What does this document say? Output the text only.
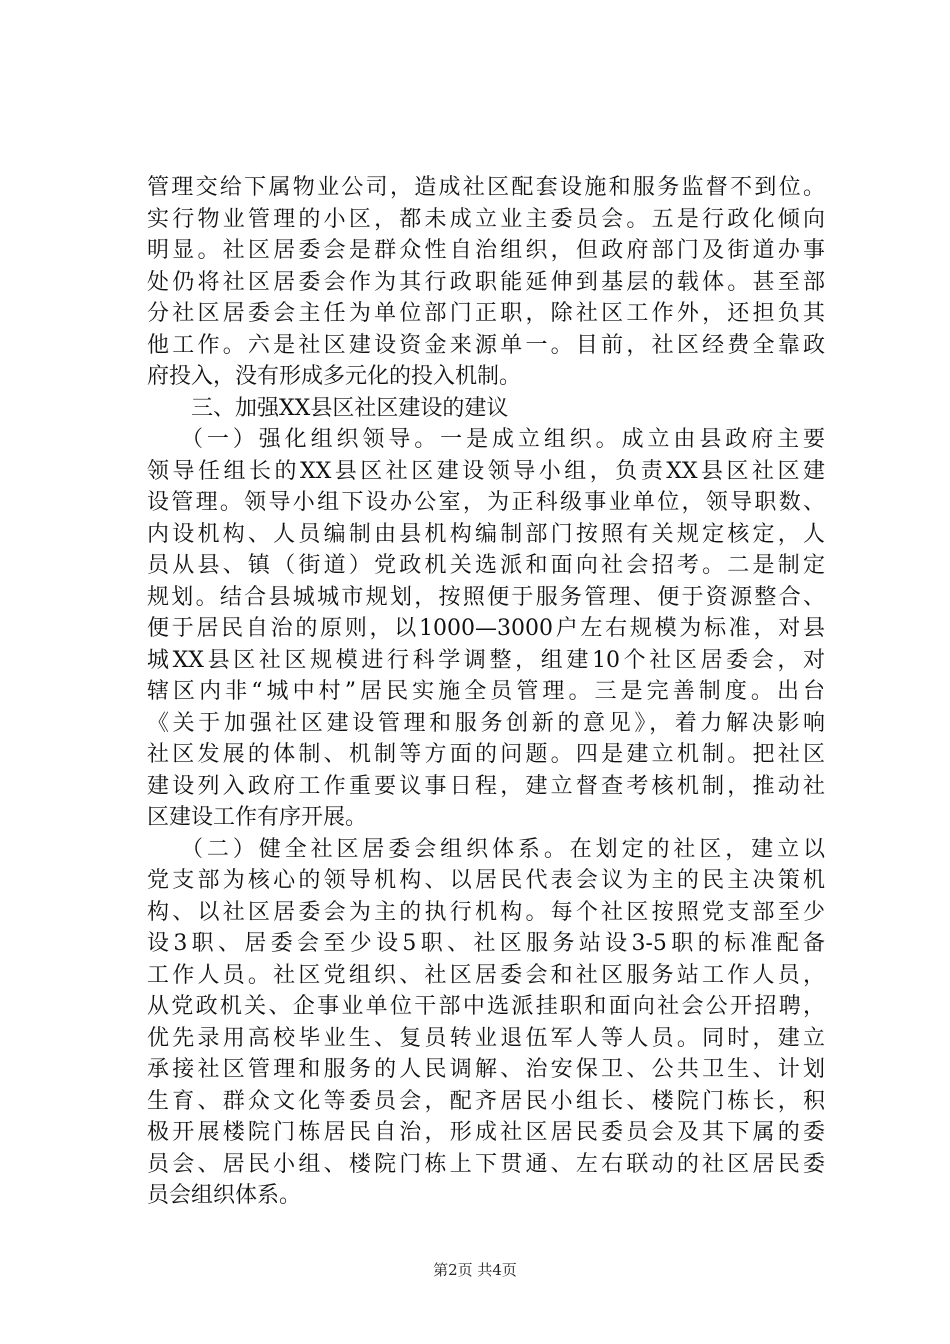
管理交给下属物业公司，造成社区配套设施和服务监督不到位。
实行物业管理的小区，都未成立业主委员会。五是行政化倾向
明显。社区居委会是群众性自治组织，但政府部门及街道办事
处仍将社区居委会作为其行政职能延伸到基层的载体。甚至部
分社区居委会主任为单位部门正职，除社区工作外，还担负其
他工作。六是社区建设资金来源单一。目前，社区经费全靠政
府投入，没有形成多元化的投入机制。
三、加强XX县区社区建设的建议
（一）强化组织领导。一是成立组织。成立由县政府主要
领导任组长的XX县区社区建设领导小组，负责XX县区社区建
设管理。领导小组下设办公室，为正科级事业单位，领导职数、
内设机构、人员编制由县机构编制部门按照有关规定核定，人
员从县、镇（街道）党政机关选派和面向社会招考。二是制定
规划。结合县城城市规划，按照便于服务管理、便于资源整合、
便于居民自治的原则，以1000—3000户左右规模为标准，对县
城XX县区社区规模进行科学调整，组建10个社区居委会，对
辖区内非“城中村”居民实施全员管理。三是完善制度。出台
《关于加强社区建设管理和服务创新的意见》，着力解决影响
社区发展的体制、机制等方面的问题。四是建立机制。把社区
建设列入政府工作重要议事日程，建立督查考核机制，推动社
区建设工作有序开展。
（二）健全社区居委会组织体系。在划定的社区，建立以
党支部为核心的领导机构、以居民代表会议为主的民主决策机
构、以社区居委会为主的执行机构。每个社区按照党支部至少
设3职、居委会至少设5职、社区服务站设3-5职的标准配备
工作人员。社区党组织、社区居委会和社区服务站工作人员，
从党政机关、企事业单位干部中选派挂职和面向社会公开招聘，
优先录用高校毕业生、复员转业退伍军人等人员。同时，建立
承接社区管理和服务的人民调解、治安保卫、公共卫生、计划
生育、群众文化等委员会，配齐居民小组长、楼院门栋长，积
极开展楼院门栋居民自治，形成社区居民委员会及其下属的委
员会、居民小组、楼院门栋上下贯通、左右联动的社区居民委
员会组织体系。
第2页 共4页
